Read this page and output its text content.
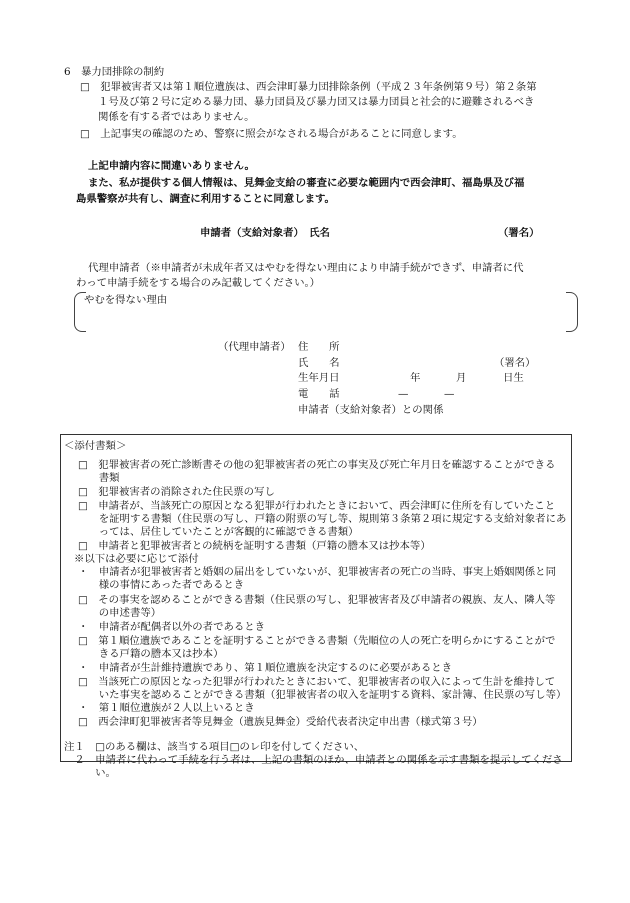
6　暴力団排除の制約
□　犯罪被害者又は第１順位遺族は、西会津町暴力団排除条例（平成２３年条例第９号）第２条第
１号及び第２号に定める暴力団、暴力団員及び暴力団又は暴力団員と社会的に避難されるべき
関係を有する者ではありません。
□　上記事実の確認のため、警察に照会がなされる場合があることに同意します。
上記申請内容に間違いありません。
また、私が提供する個人情報は、見舞金支給の審査に必要な範囲内で西会津町、福島県及び福
島県警察が共有し、調査に利用することに同意します。
申請者（支給対象者）　氏名	（署名）
代理申請者（※申請者が未成年者又はやむを得ない理由により申請手続ができず、申請者に代
わって申請手続をする場合のみ記載してください。）
やむを得ない理由
（代理申請者） 住　　所
氏　　名	（署名）
生年月日	年	月	日生
電　　話	—	—
申請者（支給対象者）との関係
＜添付書類＞
□　犯罪被害者の死亡診断書その他の犯罪被害者の死亡の事実及び死亡年月日を確認することができる
　　書類
□　犯罪被害者の消除された住民票の写し
□　申請者が、当該死亡の原因となる犯罪が行われたときにおいて、西会津町に住所を有していたこと
　　を証明する書類（住民票の写し、戸籍の附票の写し等、規則第３条第２項に規定する支給対象者にあ
　　っては、居住していたことが客観的に確認できる書類）
□　申請者と犯罪被害者との続柄を証明する書類（戸籍の謄本又は抄本等）
※以下は必要に応じて添付
・　申請者が犯罪被害者と婚姻の届出をしていないが、犯罪被害者の死亡の当時、事実上婚姻関係と同
　　様の事情にあった者であるとき
□　その事実を認めることができる書類（住民票の写し、犯罪被害者及び申請者の親族、友人、隣人等
　　の申述書等）
・　申請者が配偶者以外の者であるとき
□　第１順位遺族であることを証明することができる書類（先順位の人の死亡を明らかにすることがで
　　きる戸籍の謄本又は抄本）
・　申請者が生計維持遺族であり、第１順位遺族を決定するのに必要があるとき
□　当該死亡の原因となった犯罪が行われたときにおいて、犯罪被害者の収入によって生計を維持して
　　いた事実を認めることができる書類（犯罪被害者の収入を証明する資料、家計簿、住民票の写し等）
・　第１順位遺族が２人以上いるとき
□　西会津町犯罪被害者等見舞金（遺族見舞金）受給代表者決定申出書（様式第３号）
注１　□のある欄は、該当する項目□のレ印を付してください、
　２　申請者に代わって手続を行う者は、上記の書類のほか、申請者との関係を示す書類を提示してくださ
　　　い。
